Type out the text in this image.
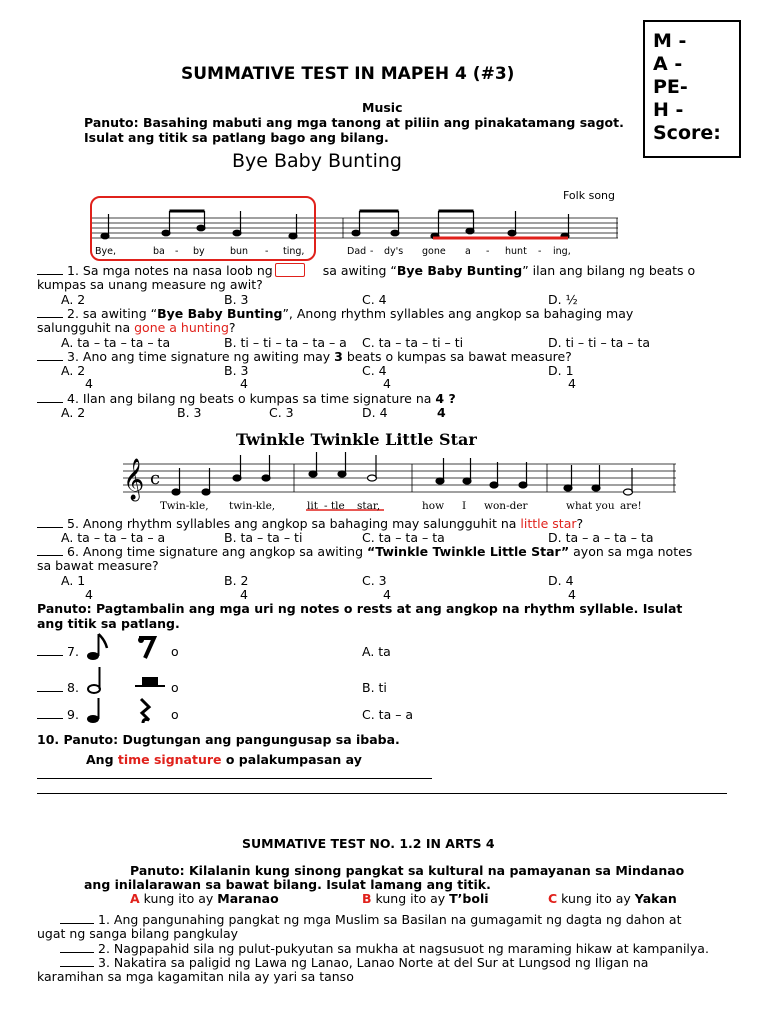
M -
A -
PE-
H -
Score:
SUMMATIVE TEST IN MAPEH 4 (#3)
Music
Panuto: Basahing mabuti ang mga tanong at piliin ang pinakatamang sagot.
Isulat ang titik sa patlang bago ang bilang.
Bye Baby Bunting
Folk song
Bye,	ba - by	bun - ting,	Dad - dy's gone a - hunt - ing,
1. Sa mga notes na nasa loob ng	sa awiting “Bye Baby Bunting” ilan ang bilang ng beats o
kumpas sa unang measure ng awit?
A. 2	B. 3	C. 4	D. ½
2. sa awiting “Bye Baby Bunting”, Anong rhythm syllables ang angkop sa bahaging may
salungguhit na gone a hunting?
A. ta – ta – ta – ta	B. ti – ti – ta – ta – a C. ta – ta – ti – ti	D. ti – ti – ta – ta
3. Ano ang time signature ng awiting may 3 beats o kumpas sa bawat measure?
A. 2	B. 3	C. 4	D. 1
4	4	4	4
4. Ilan ang bilang ng beats o kumpas sa time signature na 4 ?
A. 2	B. 3	C. 3	D. 4	4
Twinkle Twinkle Little Star
𝄞 c
Twin-kle, twin-kle,	lit - tle star,	how I won-der	what you are!
5. Anong rhythm syllables ang angkop sa bahaging may salungguhit na little star?
A. ta – ta – ta – a	B. ta – ta – ti	C. ta – ta – ta	D. ta – a – ta – ta
6. Anong time signature ang angkop sa awiting “Twinkle Twinkle Little Star” ayon sa mga notes
sa bawat measure?
A. 1	B. 2	C. 3	D. 4
4	4	4	4
Panuto: Pagtambalin ang mga uri ng notes o rests at ang angkop na rhythm syllable. Isulat
ang titik sa patlang.
7.	o	A. ta
8.	o	B. ti
9.	o	C. ta – a
10. Panuto: Dugtungan ang pangungusap sa ibaba.
Ang time signature o palakumpasan ay
SUMMATIVE TEST NO. 1.2 IN ARTS 4
Panuto: Kilalanin kung sinong pangkat sa kultural na pamayanan sa Mindanao
ang inilalarawan sa bawat bilang. Isulat lamang ang titik.
A kung ito ay Maranao	B kung ito ay T’boli	C kung ito ay Yakan
1. Ang pangunahing pangkat ng mga Muslim sa Basilan na gumagamit ng dagta ng dahon at
ugat ng sanga bilang pangkulay
2. Nagpapahid sila ng pulut-pukyutan sa mukha at nagsusuot ng maraming hikaw at kampanilya.
3. Nakatira sa paligid ng Lawa ng Lanao, Lanao Norte at del Sur at Lungsod ng Iligan na
karamihan sa mga kagamitan nila ay yari sa tanso
